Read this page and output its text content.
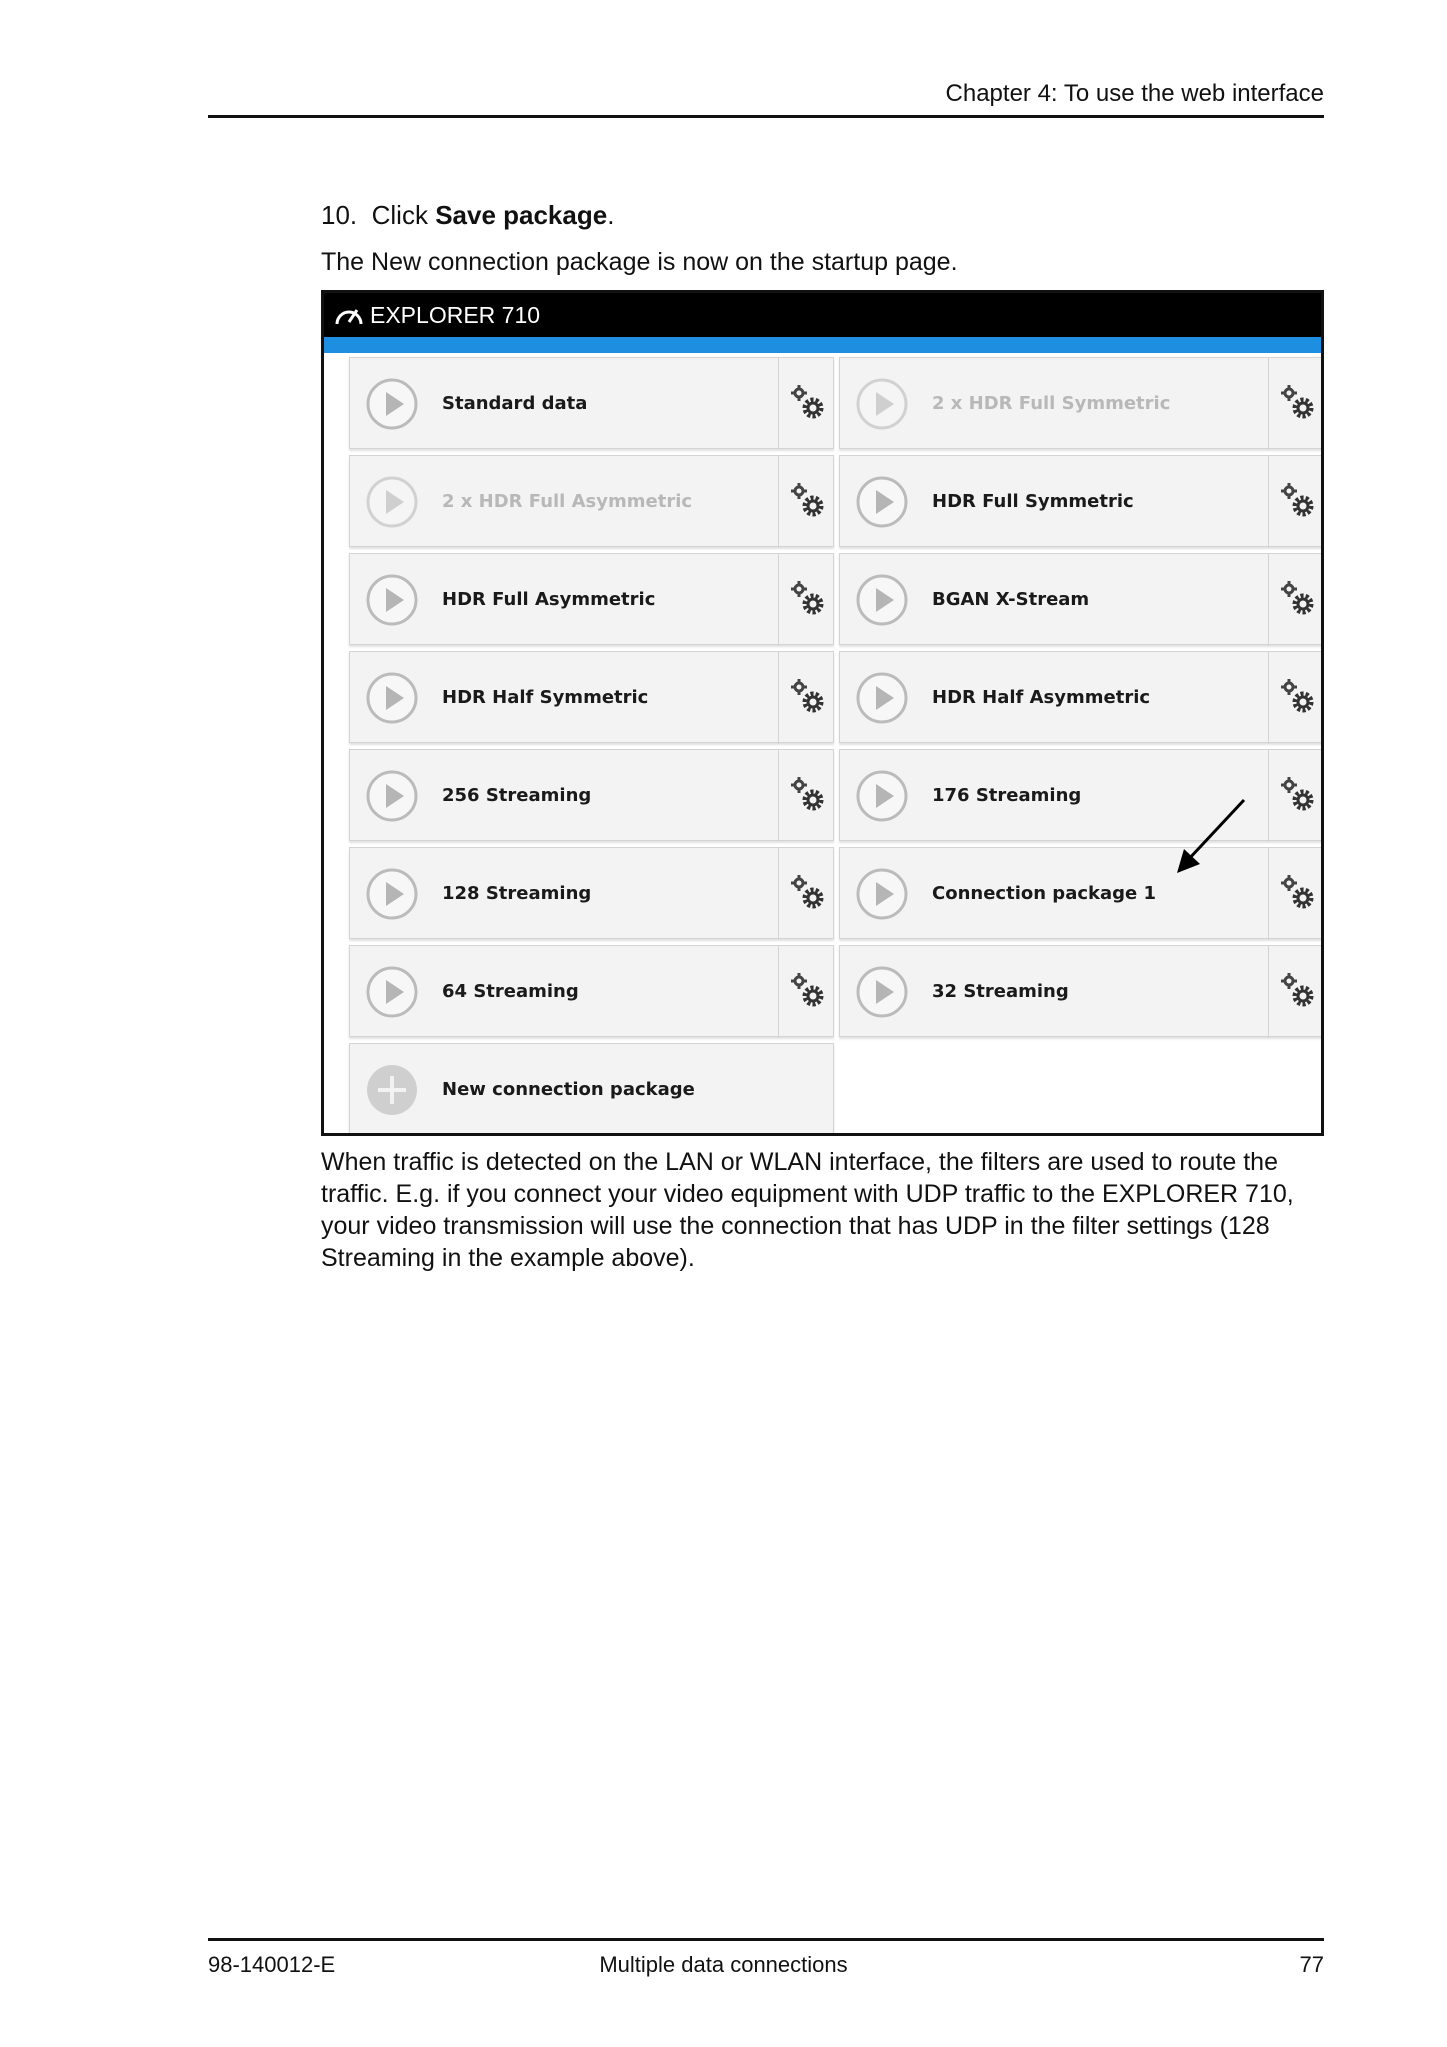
Chapter 4: To use the web interface
10. Click Save package.
The New connection package is now on the startup page.
EXPLORER 710
Standard data	2 x HDR Full Symmetric
2 x HDR Full Asymmetric	HDR Full Symmetric
HDR Full Asymmetric	BGAN X-Stream
HDR Half Symmetric	HDR Half Asymmetric
256 Streaming	176 Streaming
128 Streaming	Connection package 1
64 Streaming	32 Streaming
New connection package
When traffic is detected on the LAN or WLAN interface, the filters are used to route the traffic. E.g. if you connect your video equipment with UDP traffic to the EXPLORER 710, your video transmission will use the connection that has UDP in the filter settings (128 Streaming in the example above).
98-140012-E	Multiple data connections	77
